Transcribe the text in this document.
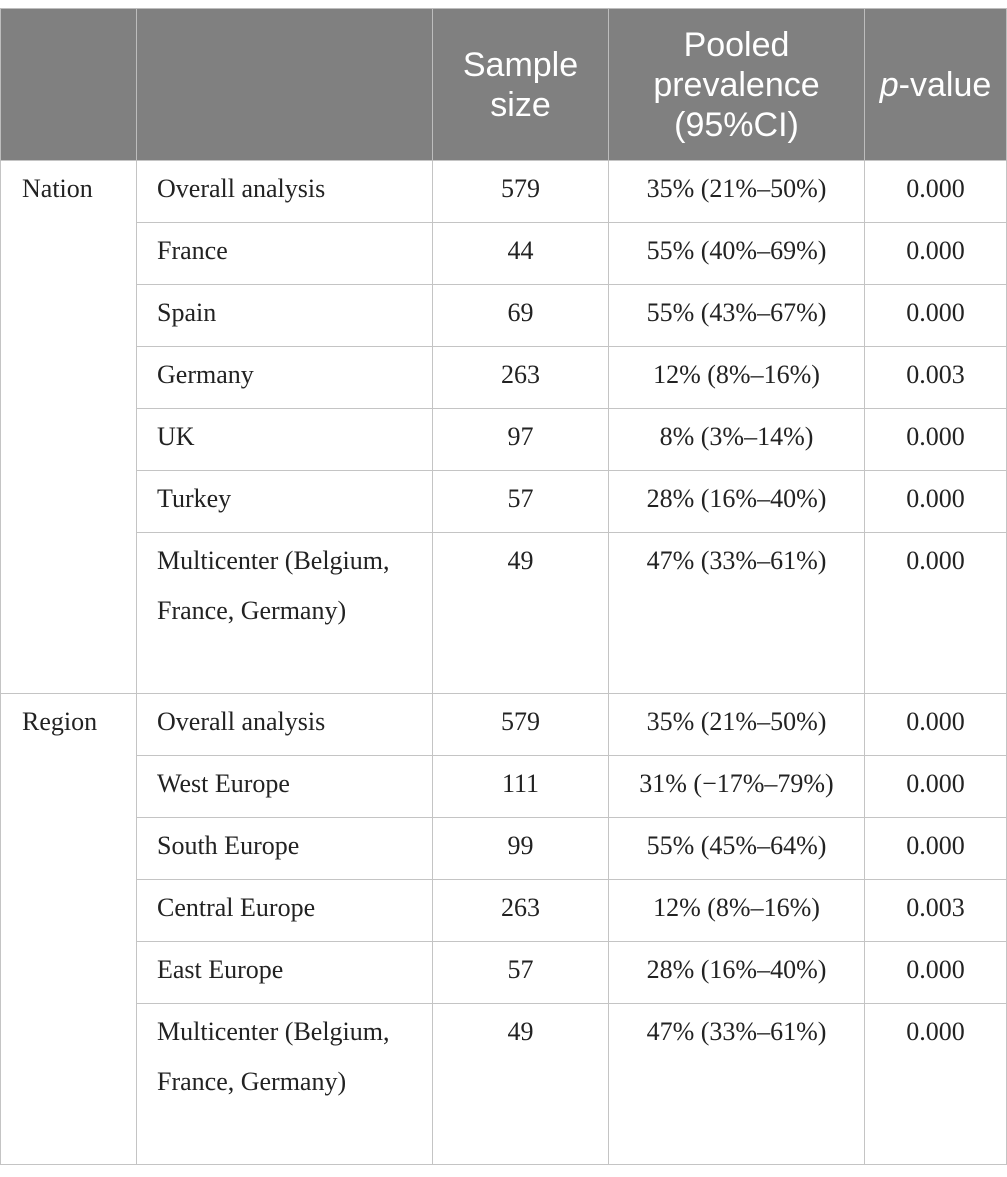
		Sample size	Pooled prevalence (95%CI)	p-value

Nation	Overall analysis	579	35% (21%–50%)	0.000

	France	44	55% (40%–69%)	0.000

	Spain	69	55% (43%–67%)	0.000

	Germany	263	12% (8%–16%)	0.003

	UK	97	8% (3%–14%)	0.000

	Turkey	57	28% (16%–40%)	0.000

	Multicenter (Belgium, France, Germany)	49	47% (33%–61%)	0.000

Region	Overall analysis	579	35% (21%–50%)	0.000

	West Europe	111	31% (−17%–79%)	0.000

	South Europe	99	55% (45%–64%)	0.000

	Central Europe	263	12% (8%–16%)	0.003

	East Europe	57	28% (16%–40%)	0.000

	Multicenter (Belgium, France, Germany)	49	47% (33%–61%)	0.000
